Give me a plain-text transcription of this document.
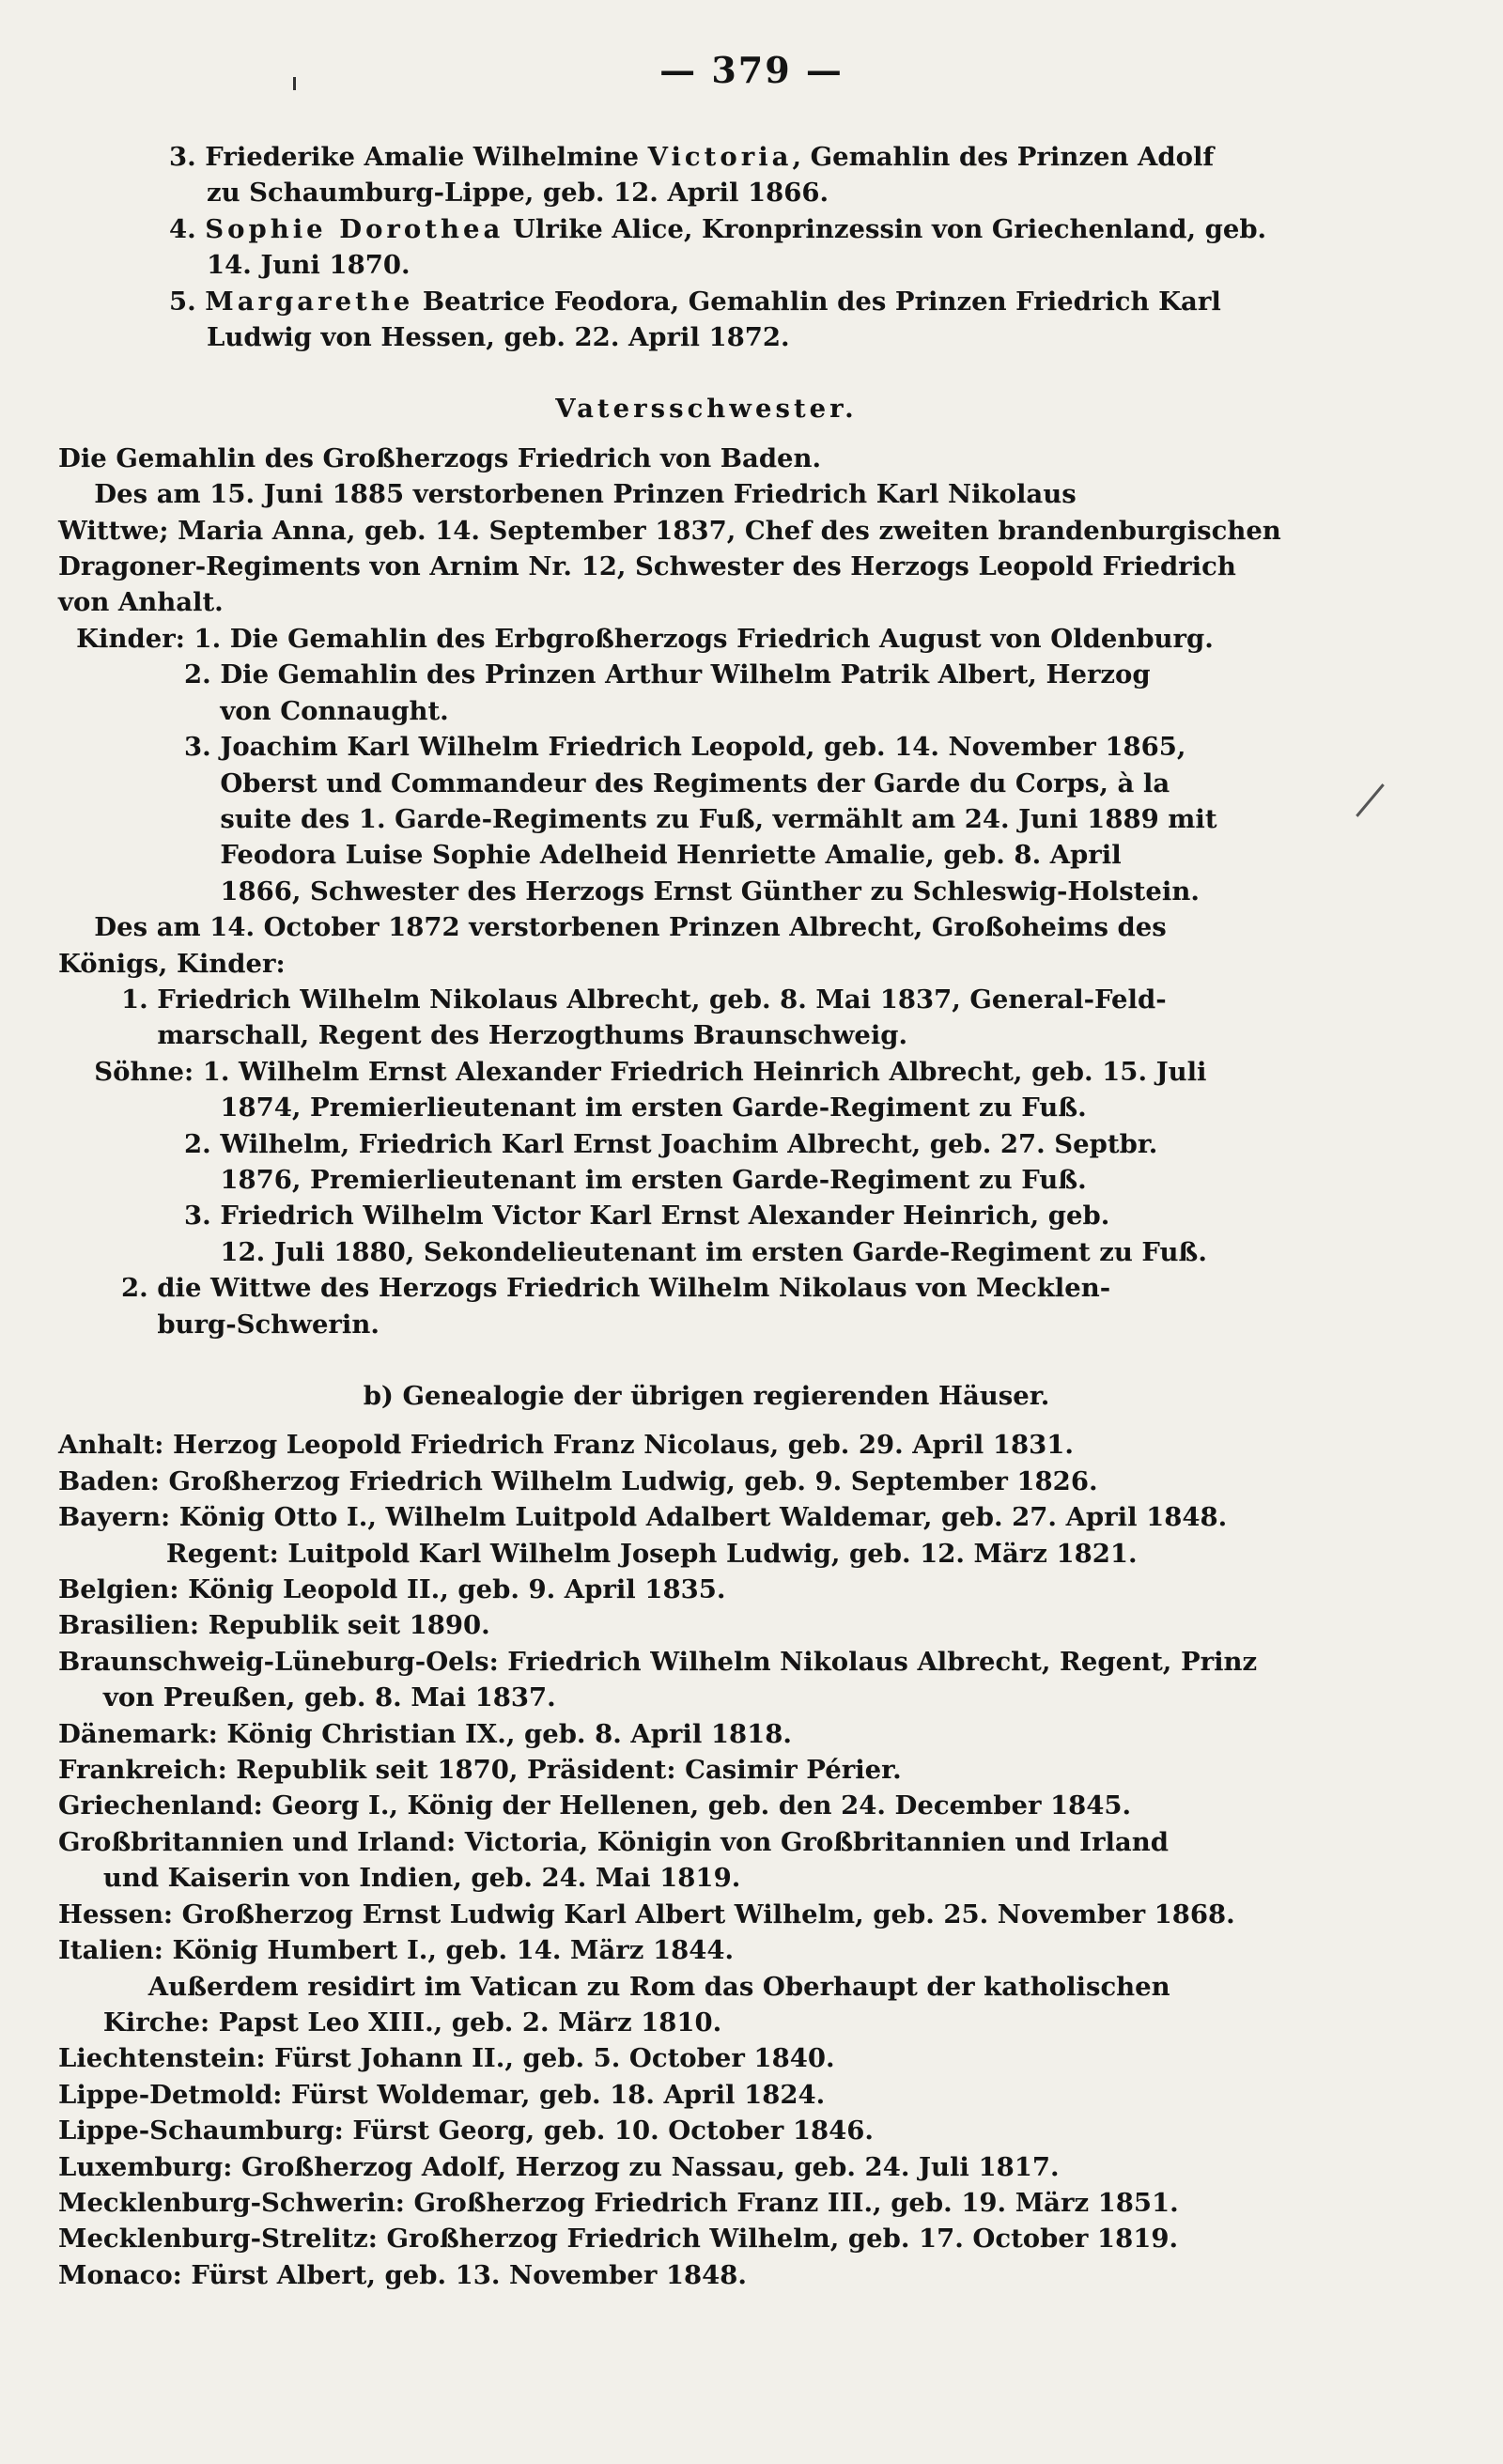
— 379 —

3. Friederike Amalie Wilhelmine Victoria, Gemahlin des Prinzen Adolf

zu Schaumburg-Lippe, geb. 12. April 1866.

4. Sophie Dorothea Ulrike Alice, Kronprinzessin von Griechenland, geb.

14. Juni 1870.

5. Margarethe Beatrice Feodora, Gemahlin des Prinzen Friedrich Karl

Ludwig von Hessen, geb. 22. April 1872.

Vatersschwester.

Die Gemahlin des Großherzogs Friedrich von Baden.

Des am 15. Juni 1885 verstorbenen Prinzen Friedrich Karl Nikolaus

Wittwe; Maria Anna, geb. 14. September 1837, Chef des zweiten brandenburgischen

Dragoner-Regiments von Arnim Nr. 12, Schwester des Herzogs Leopold Friedrich

von Anhalt.

Kinder: 1. Die Gemahlin des Erbgroßherzogs Friedrich August von Oldenburg.

2. Die Gemahlin des Prinzen Arthur Wilhelm Patrik Albert, Herzog

von Connaught.

3. Joachim Karl Wilhelm Friedrich Leopold, geb. 14. November 1865,

Oberst und Commandeur des Regiments der Garde du Corps, à la

suite des 1. Garde-Regiments zu Fuß, vermählt am 24. Juni 1889 mit

Feodora Luise Sophie Adelheid Henriette Amalie, geb. 8. April

1866, Schwester des Herzogs Ernst Günther zu Schleswig-Holstein.

Des am 14. October 1872 verstorbenen Prinzen Albrecht, Großoheims des

Königs, Kinder:

1. Friedrich Wilhelm Nikolaus Albrecht, geb. 8. Mai 1837, General-Feld-

marschall, Regent des Herzogthums Braunschweig.

Söhne: 1. Wilhelm Ernst Alexander Friedrich Heinrich Albrecht, geb. 15. Juli

1874, Premierlieutenant im ersten Garde-Regiment zu Fuß.

2. Wilhelm, Friedrich Karl Ernst Joachim Albrecht, geb. 27. Septbr.

1876, Premierlieutenant im ersten Garde-Regiment zu Fuß.

3. Friedrich Wilhelm Victor Karl Ernst Alexander Heinrich, geb.

12. Juli 1880, Sekondelieutenant im ersten Garde-Regiment zu Fuß.

2. die Wittwe des Herzogs Friedrich Wilhelm Nikolaus von Mecklen-

burg-Schwerin.

b) Genealogie der übrigen regierenden Häuser.

Anhalt: Herzog Leopold Friedrich Franz Nicolaus, geb. 29. April 1831.

Baden: Großherzog Friedrich Wilhelm Ludwig, geb. 9. September 1826.

Bayern: König Otto I., Wilhelm Luitpold Adalbert Waldemar, geb. 27. April 1848.

Regent: Luitpold Karl Wilhelm Joseph Ludwig, geb. 12. März 1821.

Belgien: König Leopold II., geb. 9. April 1835.

Brasilien: Republik seit 1890.

Braunschweig-Lüneburg-Oels: Friedrich Wilhelm Nikolaus Albrecht, Regent, Prinz

von Preußen, geb. 8. Mai 1837.

Dänemark: König Christian IX., geb. 8. April 1818.

Frankreich: Republik seit 1870, Präsident: Casimir Périer.

Griechenland: Georg I., König der Hellenen, geb. den 24. December 1845.

Großbritannien und Irland: Victoria, Königin von Großbritannien und Irland

und Kaiserin von Indien, geb. 24. Mai 1819.

Hessen: Großherzog Ernst Ludwig Karl Albert Wilhelm, geb. 25. November 1868.

Italien: König Humbert I., geb. 14. März 1844.

Außerdem residirt im Vatican zu Rom das Oberhaupt der katholischen

Kirche: Papst Leo XIII., geb. 2. März 1810.

Liechtenstein: Fürst Johann II., geb. 5. October 1840.

Lippe-Detmold: Fürst Woldemar, geb. 18. April 1824.

Lippe-Schaumburg: Fürst Georg, geb. 10. October 1846.

Luxemburg: Großherzog Adolf, Herzog zu Nassau, geb. 24. Juli 1817.

Mecklenburg-Schwerin: Großherzog Friedrich Franz III., geb. 19. März 1851.

Mecklenburg-Strelitz: Großherzog Friedrich Wilhelm, geb. 17. October 1819.

Monaco: Fürst Albert, geb. 13. November 1848.
